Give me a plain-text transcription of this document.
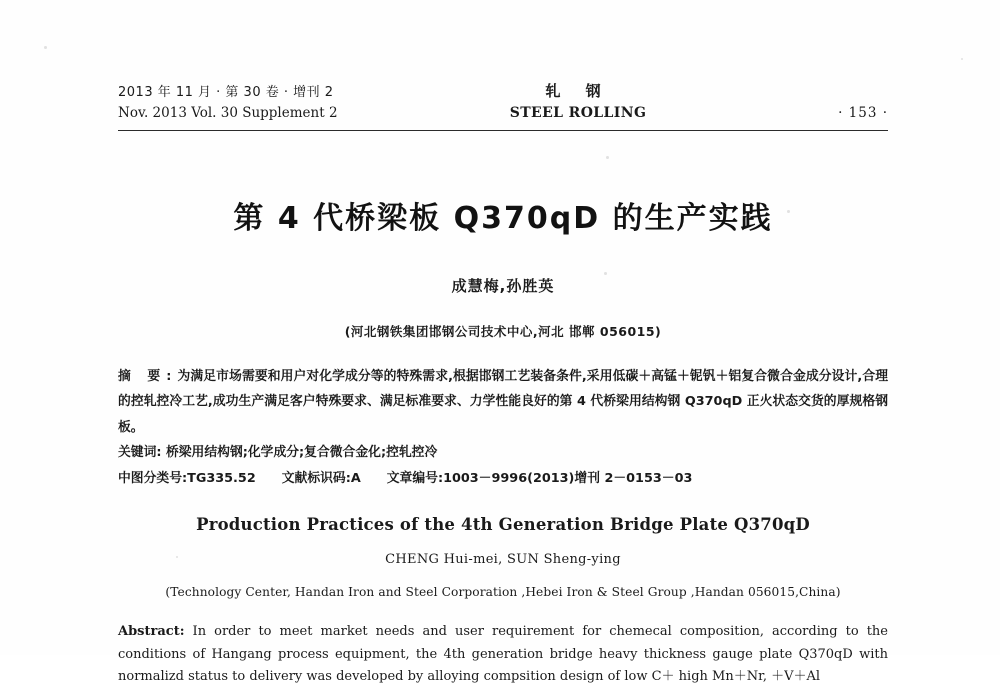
2013 年 11 月 · 第 30 卷 · 增刊 2	轧 钢
Nov. 2013 Vol. 30 Supplement 2	STEEL ROLLING	· 153 ·
第 4 代桥梁板 Q370qD 的生产实践
成慧梅,孙胜英
(河北钢铁集团邯钢公司技术中心,河北 邯郸 056015)
摘 要:为满足市场需要和用户对化学成分等的特殊需求,根据邯钢工艺装备条件,采用低碳＋高锰＋铌钒＋铝复合微合金成分设计,合理的控轧控冷工艺,成功生产满足客户特殊要求、满足标准要求、力学性能良好的第 4 代桥梁用结构钢 Q370qD 正火状态交货的厚规格钢板。
关键词: 桥梁用结构钢;化学成分;复合微合金化;控轧控冷
中图分类号:TG335.52 文献标识码:A 文章编号:1003－9996(2013)增刊 2－0153－03
Production Practices of the 4th Generation Bridge Plate Q370qD
CHENG Hui-mei, SUN Sheng-ying
(Technology Center, Handan Iron and Steel Corporation ,Hebei Iron & Steel Group ,Handan 056015,China)
Abstract: In order to meet market needs and user requirement for chemecal composition, according to the conditions of Hangang process equipment, the 4th generation bridge heavy thickness gauge plate Q370qD with normalizd status to delivery was developed by alloying compsition design of low C＋ high Mn＋Nr, ＋V＋Al
